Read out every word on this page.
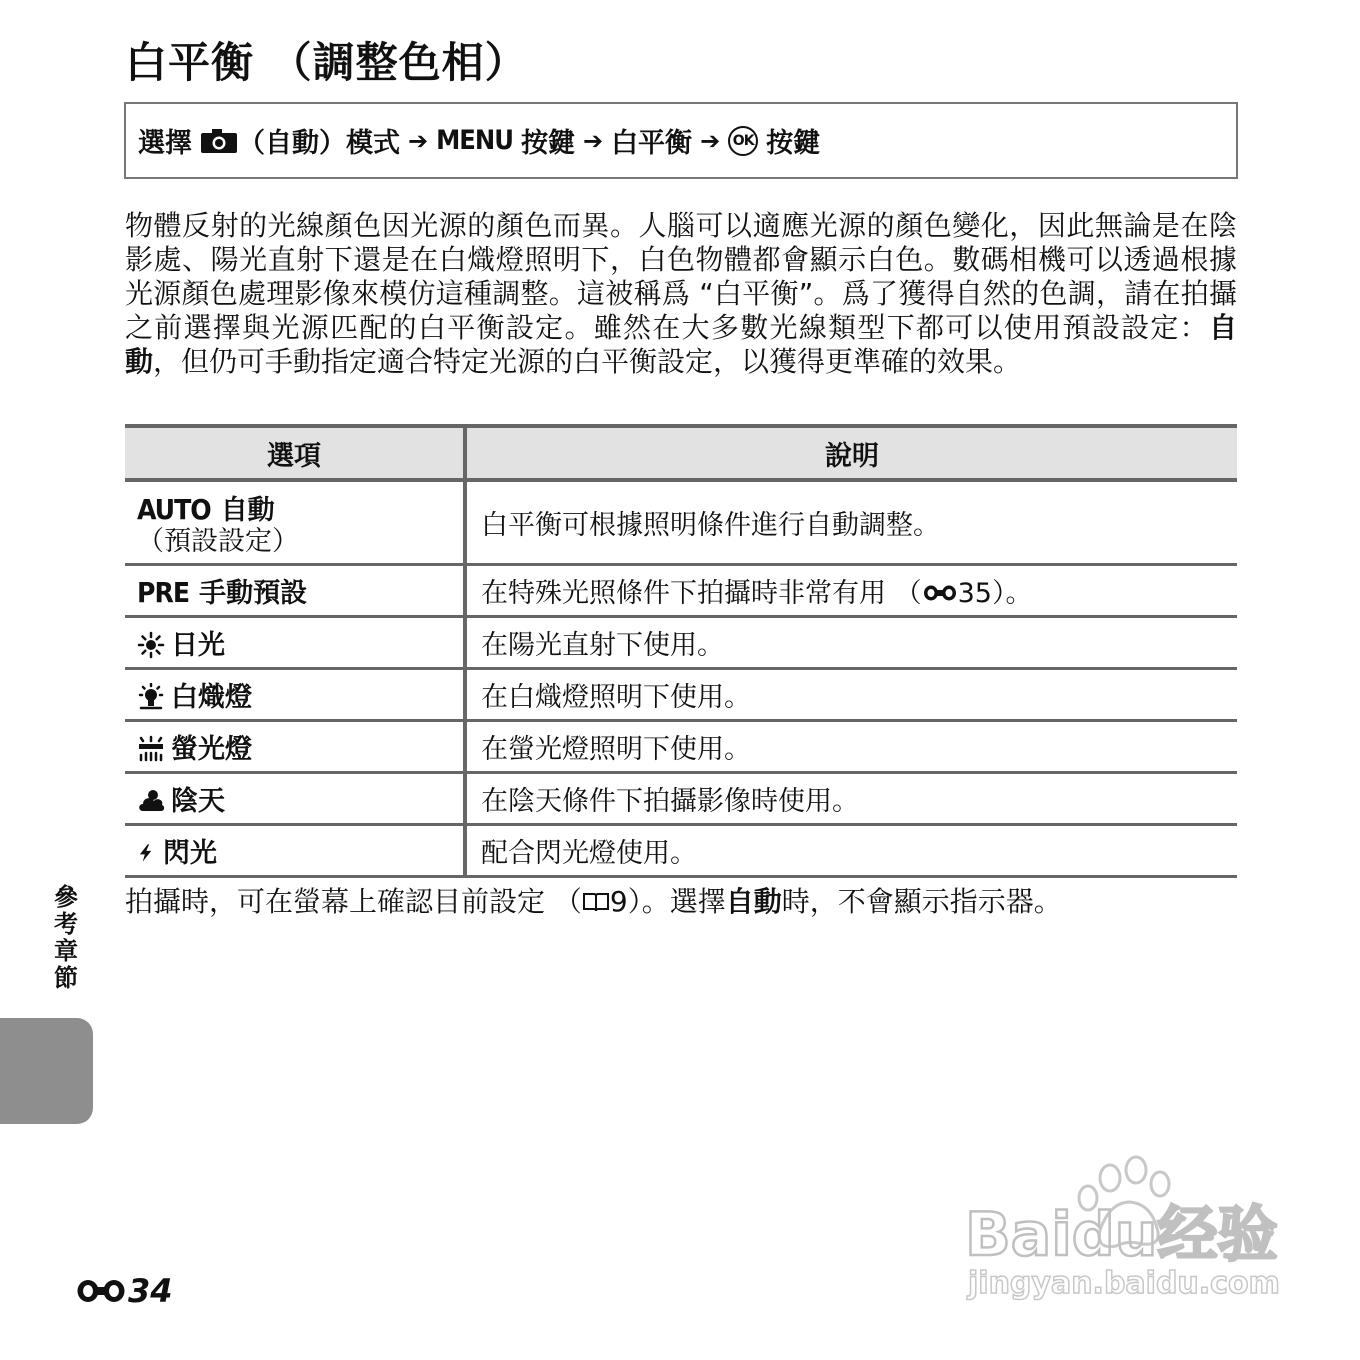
白平衡 （調整色相）
選擇 （自動）模式 ➔ MENU 按鍵 ➔ 白平衡 ➔ OK 按鍵

物體反射的光線顏色因光源的顏色而異。人腦可以適應光源的顏色變化，因此無論是在陰影處、陽光直射下還是在白熾燈照明下，白色物體都會顯示白色。數碼相機可以透過根據光源顏色處理影像來模仿這種調整。這被稱爲 “白平衡”。爲了獲得自然的色調，請在拍攝之前選擇與光源匹配的白平衡設定。雖然在大多數光線類型下都可以使用預設設定：自動，但仍可手動指定適合特定光源的白平衡設定，以獲得更準確的效果。

選項	說明
AUTO 自動
（預設設定）	白平衡可根據照明條件進行自動調整。
PRE 手動預設	在特殊光照條件下拍攝時非常有用 （ 35）。
日光	在陽光直射下使用。
白熾燈	在白熾燈照明下使用。
螢光燈	在螢光燈照明下使用。
陰天	在陰天條件下拍攝影像時使用。
閃光	配合閃光燈使用。

拍攝時，可在螢幕上確認目前設定 （ 9）。選擇自動時，不會顯示指示器。

參考章節
34
Baidu经验
jingyan.baidu.com
